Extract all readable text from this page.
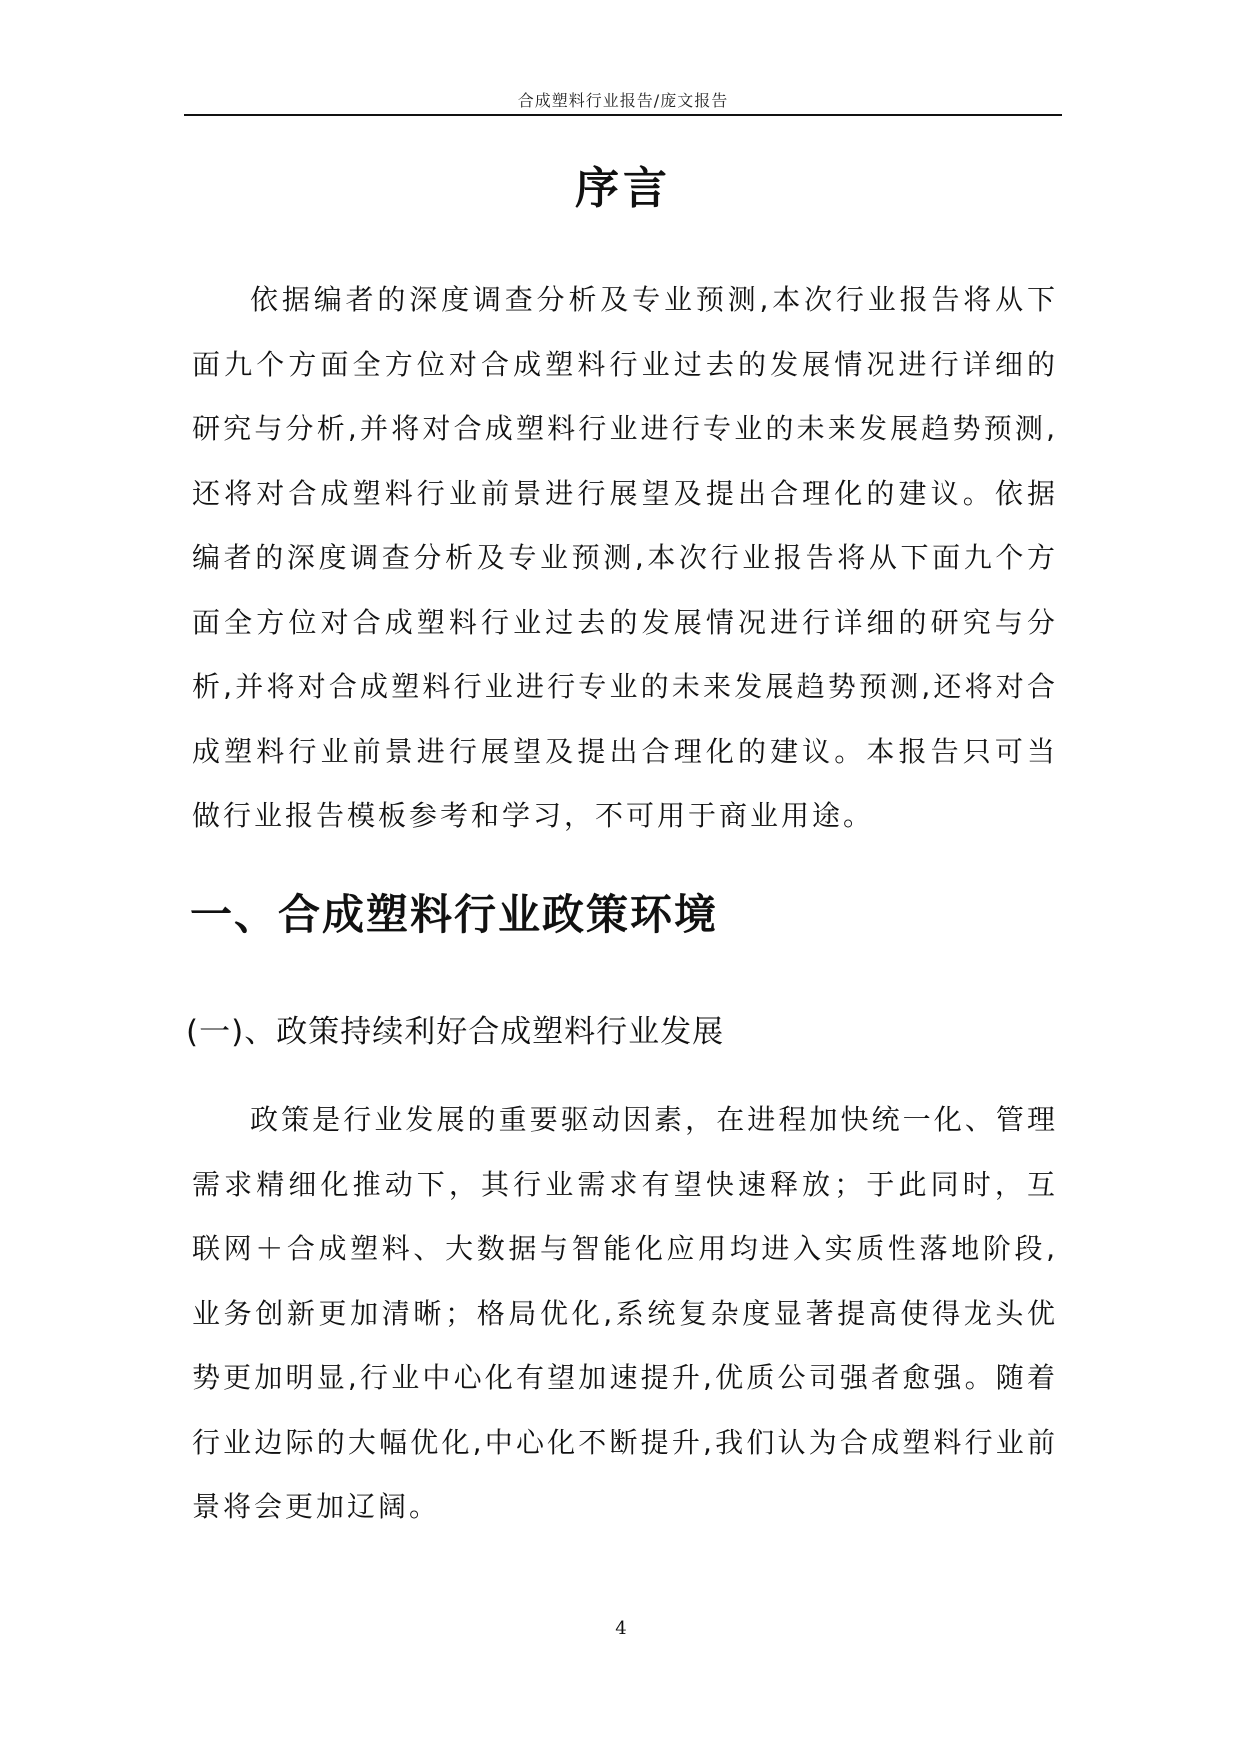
合成塑料行业报告/庞文报告
序言

依据编者的深度调查分析及专业预测,本次行业报告将从下面九个方面全方位对合成塑料行业过去的发展情况进行详细的研究与分析,并将对合成塑料行业进行专业的未来发展趋势预测,还将对合成塑料行业前景进行展望及提出合理化的建议。依据编者的深度调查分析及专业预测,本次行业报告将从下面九个方面全方位对合成塑料行业过去的发展情况进行详细的研究与分析,并将对合成塑料行业进行专业的未来发展趋势预测,还将对合成塑料行业前景进行展望及提出合理化的建议。本报告只可当做行业报告模板参考和学习，不可用于商业用途。

一、合成塑料行业政策环境
(一)、政策持续利好合成塑料行业发展

政策是行业发展的重要驱动因素，在进程加快统一化、管理需求精细化推动下，其行业需求有望快速释放；于此同时，互联网＋合成塑料、大数据与智能化应用均进入实质性落地阶段,业务创新更加清晰；格局优化,系统复杂度显著提高使得龙头优势更加明显,行业中心化有望加速提升,优质公司强者愈强。随着行业边际的大幅优化,中心化不断提升,我们认为合成塑料行业前景将会更加辽阔。

4
